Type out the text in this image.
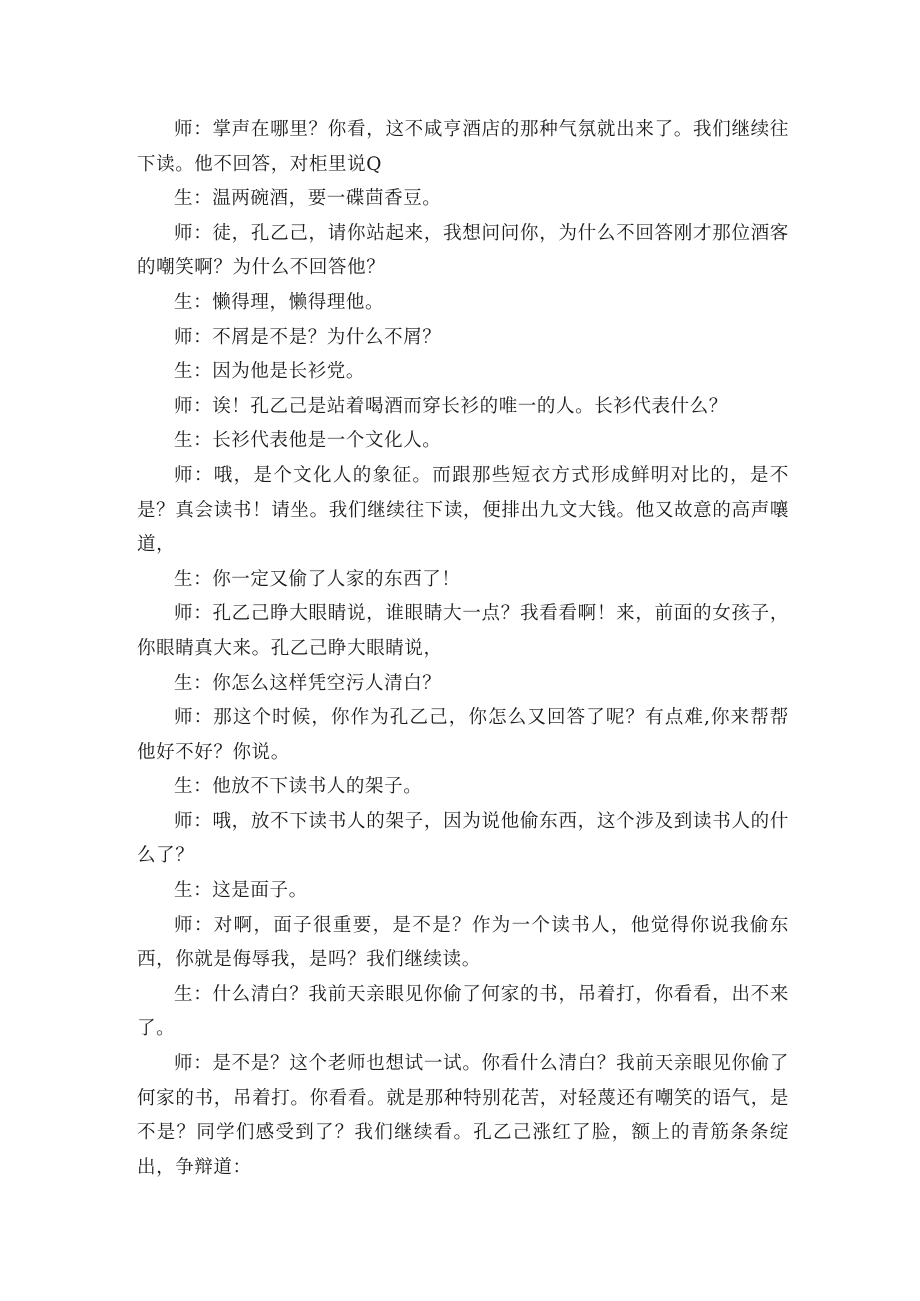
师：掌声在哪里？你看，这不咸亨酒店的那种气氛就出来了。我们继续往下读。他不回答，对柜里说Q

生：温两碗酒，要一碟茴香豆。

师：徒，孔乙己，请你站起来，我想问问你，为什么不回答刚才那位酒客的嘲笑啊？为什么不回答他？

生：懒得理，懒得理他。

师：不屑是不是？为什么不屑？

生：因为他是长衫党。

师：诶！孔乙己是站着喝酒而穿长衫的唯一的人。长衫代表什么？

生：长衫代表他是一个文化人。

师：哦，是个文化人的象征。而跟那些短衣方式形成鲜明对比的，是不是？真会读书！请坐。我们继续往下读，便排出九文大钱。他又故意的高声嚷道，

生：你一定又偷了人家的东西了！

师：孔乙己睁大眼睛说，谁眼睛大一点？我看看啊！来，前面的女孩子，你眼睛真大来。孔乙己睁大眼睛说，

生：你怎么这样凭空污人清白？

师：那这个时候，你作为孔乙己，你怎么又回答了呢？有点难,你来帮帮他好不好？你说。

生：他放不下读书人的架子。

师：哦，放不下读书人的架子，因为说他偷东西，这个涉及到读书人的什么了？

生：这是面子。

师：对啊，面子很重要，是不是？作为一个读书人，他觉得你说我偷东西，你就是侮辱我，是吗？我们继续读。

生：什么清白？我前天亲眼见你偷了何家的书，吊着打，你看看，出不来了。

师：是不是？这个老师也想试一试。你看什么清白？我前天亲眼见你偷了何家的书，吊着打。你看看。就是那种特别花苦，对轻蔑还有嘲笑的语气，是不是？同学们感受到了？我们继续看。孔乙己涨红了脸，额上的青筋条条绽出，争辩道：
